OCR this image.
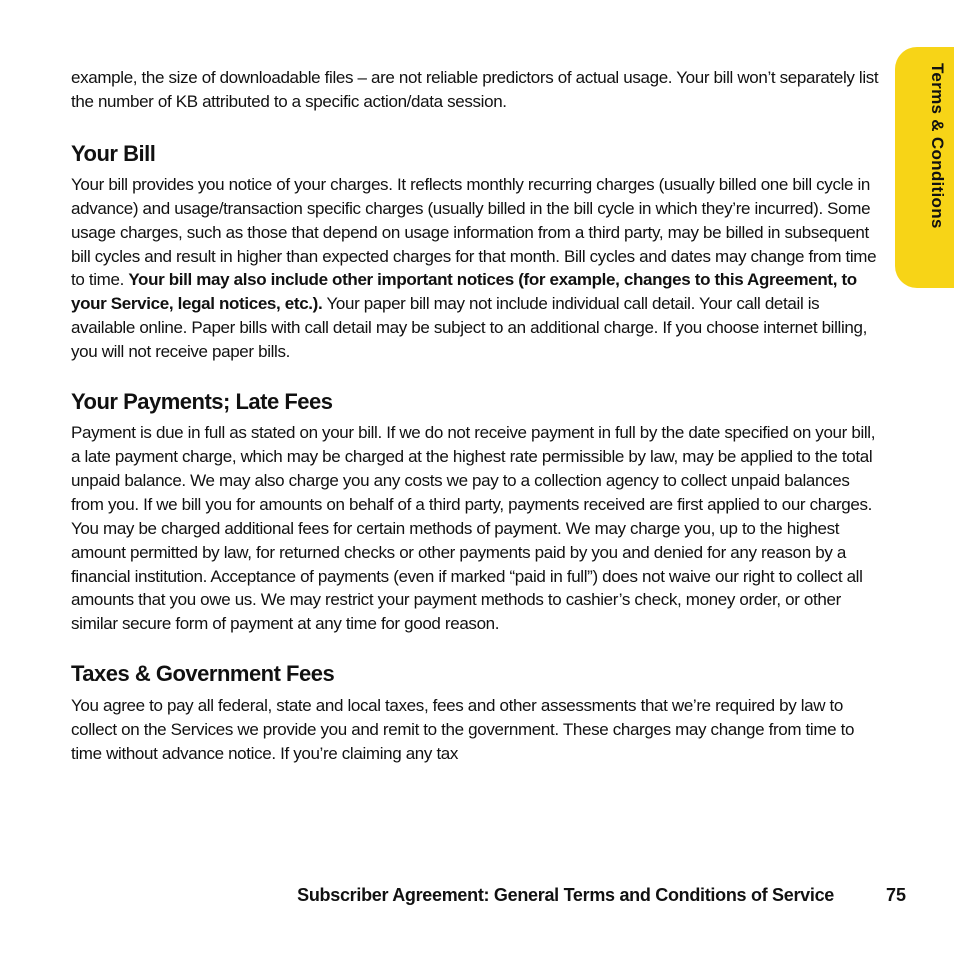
Terms & Conditions

example, the size of downloadable files – are not reliable predictors of actual usage. Your bill won’t separately list the number of KB attributed to a specific action/data session.

Your Bill

Your bill provides you notice of your charges. It reflects monthly recurring charges (usually billed one bill cycle in advance) and usage/transaction specific charges (usually billed in the bill cycle in which they’re incurred). Some usage charges, such as those that depend on usage information from a third party, may be billed in subsequent bill cycles and result in higher than expected charges for that month. Bill cycles and dates may change from time to time. Your bill may also include other important notices (for example, changes to this Agreement, to your Service, legal notices, etc.). Your paper bill may not include individual call detail. Your call detail is available online. Paper bills with call detail may be subject to an additional charge. If you choose internet billing, you will not receive paper bills.

Your Payments; Late Fees

Payment is due in full as stated on your bill. If we do not receive payment in full by the date specified on your bill, a late payment charge, which may be charged at the highest rate permissible by law, may be applied to the total unpaid balance. We may also charge you any costs we pay to a collection agency to collect unpaid balances from you. If we bill you for amounts on behalf of a third party, payments received are first applied to our charges. You may be charged additional fees for certain methods of payment. We may charge you, up to the highest amount permitted by law, for returned checks or other payments paid by you and denied for any reason by a financial institution. Acceptance of payments (even if marked “paid in full”) does not waive our right to collect all amounts that you owe us. We may restrict your payment methods to cashier’s check, money order, or other similar secure form of payment at any time for good reason.

Taxes & Government Fees

You agree to pay all federal, state and local taxes, fees and other assessments that we’re required by law to collect on the Services we provide you and remit to the government. These charges may change from time to time without advance notice. If you’re claiming any tax

Subscriber Agreement: General Terms and Conditions of Service	75
